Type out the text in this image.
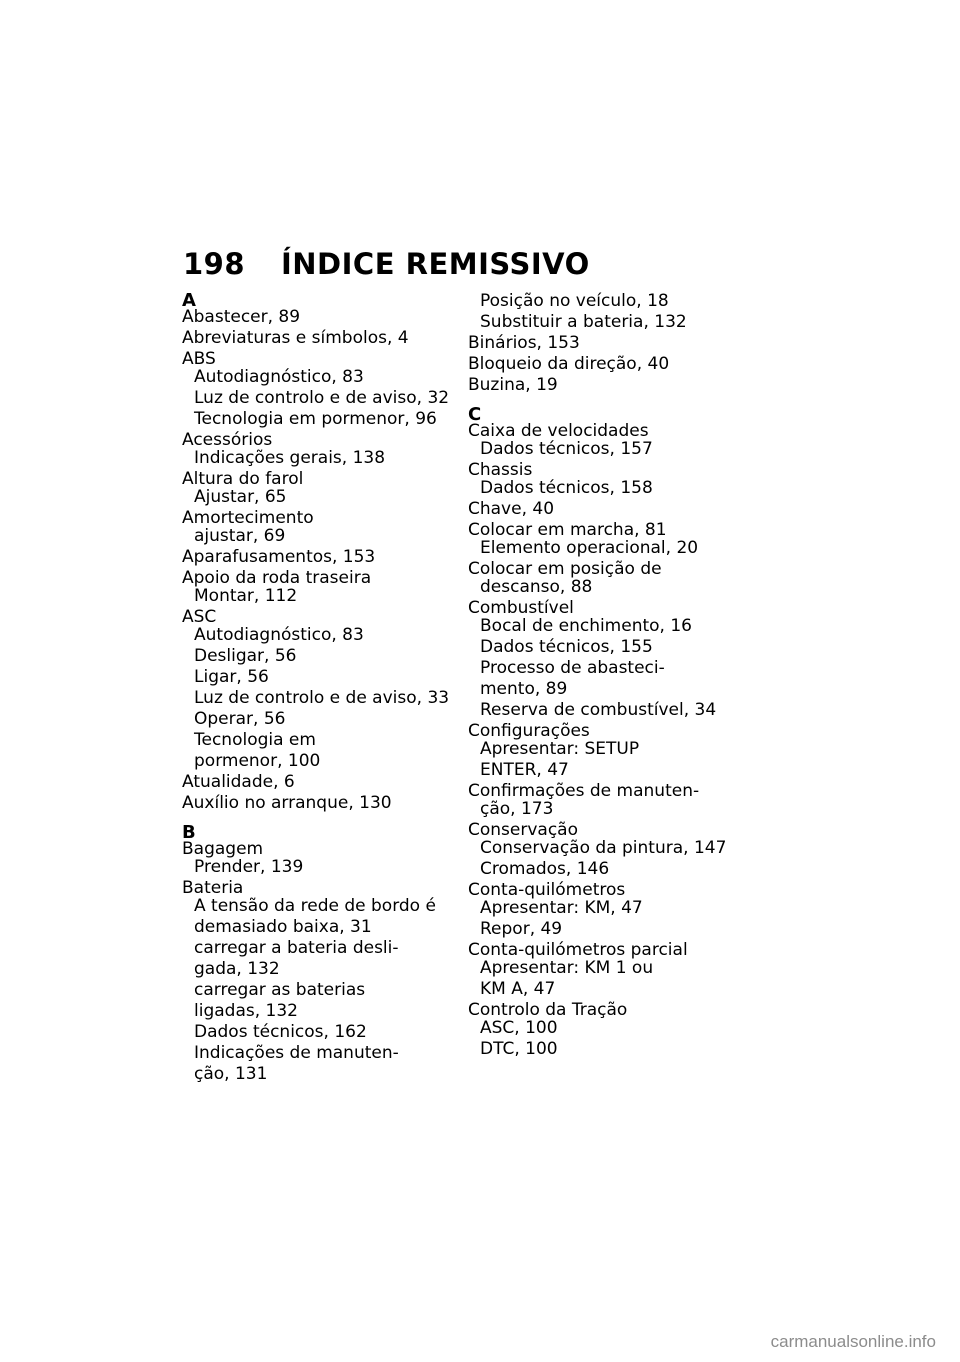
198	ÍNDICE REMISSIVO
A
Abastecer, 89
Abreviaturas e símbolos, 4
ABS
Autodiagnóstico, 83
Luz de controlo e de aviso, 32
Tecnologia em pormenor, 96
Acessórios
Indicações gerais, 138
Altura do farol
Ajustar, 65
Amortecimento
ajustar, 69
Aparafusamentos, 153
Apoio da roda traseira
Montar, 112
ASC
Autodiagnóstico, 83
Desligar, 56
Ligar, 56
Luz de controlo e de aviso, 33
Operar, 56
Tecnologia em
pormenor, 100
Atualidade, 6
Auxílio no arranque, 130
B
Bagagem
Prender, 139
Bateria
A tensão da rede de bordo é
demasiado baixa, 31
carregar a bateria desli-
gada, 132
carregar as baterias
ligadas, 132
Dados técnicos, 162
Indicações de manuten-
ção, 131
Posição no veículo, 18
Substituir a bateria, 132
Binários, 153
Bloqueio da direção, 40
Buzina, 19
C
Caixa de velocidades
Dados técnicos, 157
Chassis
Dados técnicos, 158
Chave, 40
Colocar em marcha, 81
Elemento operacional, 20
Colocar em posição de
descanso, 88
Combustível
Bocal de enchimento, 16
Dados técnicos, 155
Processo de abasteci-
mento, 89
Reserva de combustível, 34
Configurações
Apresentar: SETUP
ENTER, 47
Confirmações de manuten-
ção, 173
Conservação
Conservação da pintura, 147
Cromados, 146
Conta-quilómetros
Apresentar: KM, 47
Repor, 49
Conta-quilómetros parcial
Apresentar: KM 1 ou
KM A, 47
Controlo da Tração
ASC, 100
DTC, 100
carmanualsonline.info
